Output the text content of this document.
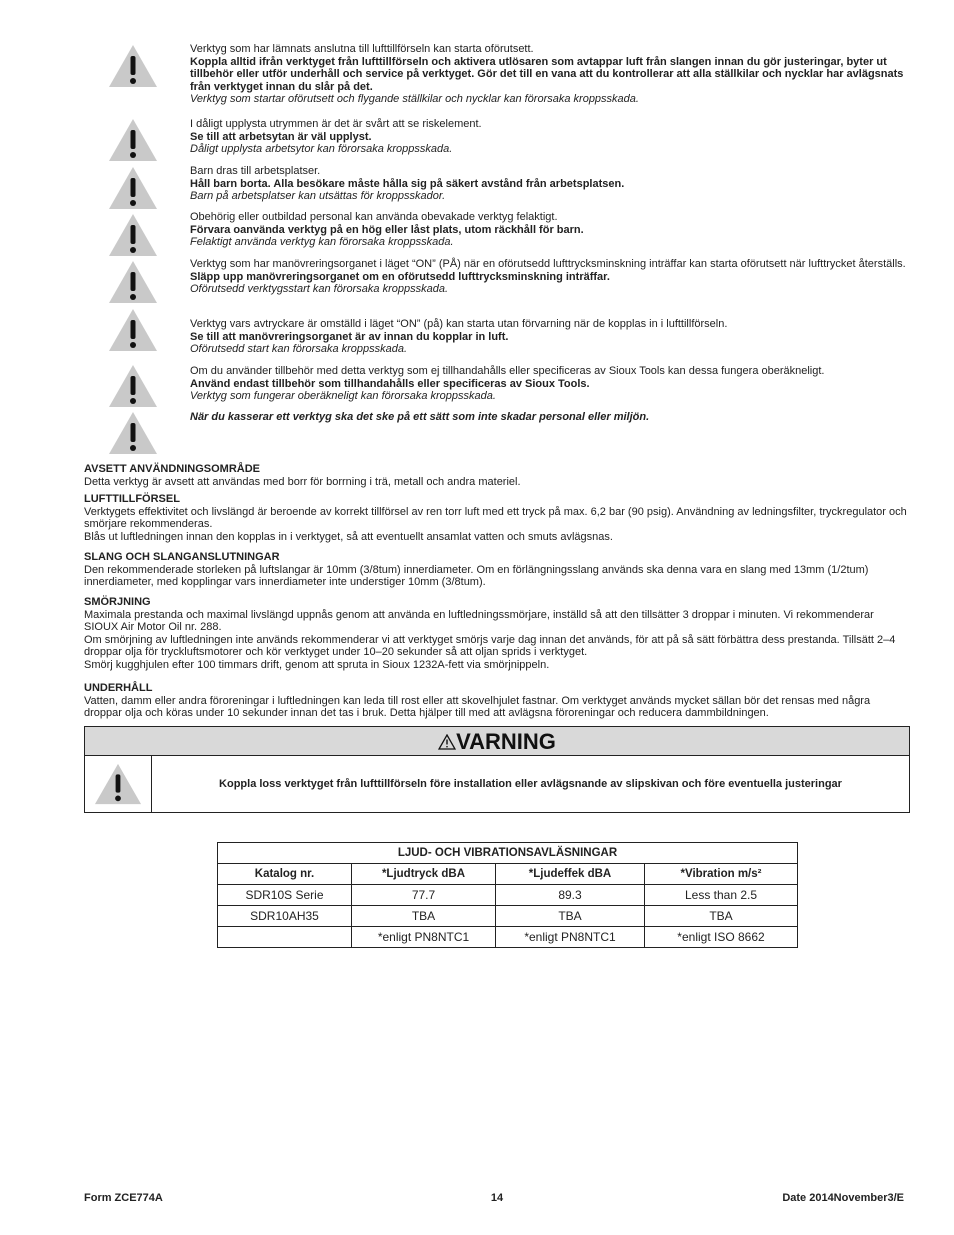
Verktyg som har lämnats anslutna till lufttillförseln kan starta oförutsett.
Koppla alltid ifrån verktyget från lufttillförseln och aktivera utlösaren som avtappar luft från slangen innan du gör justeringar, byter ut tillbehör eller utför underhåll och service på verktyget. Gör det till en vana att du kontrollerar att alla ställkilar och nycklar har avlägsnats från verktyget innan du slår på det.
Verktyg som startar oförutsett och flygande ställkilar och nycklar kan förorsaka kroppsskada.
I dåligt upplysta utrymmen är det är svårt att se riskelement.
Se till att arbetsytan är väl upplyst.
Dåligt upplysta arbetsytor kan förorsaka kroppsskada.
Barn dras till arbetsplatser.
Håll barn borta. Alla besökare måste hålla sig på säkert avstånd från arbetsplatsen.
Barn på arbetsplatser kan utsättas för kroppsskador.
Obehörig eller outbildad personal kan använda obevakade verktyg felaktigt.
Förvara oanvända verktyg på en hög eller låst plats, utom räckhåll för barn.
Felaktigt använda verktyg kan förorsaka kroppsskada.
Verktyg som har manövreringsorganet i läget “ON” (PÅ) när en oförutsedd lufttrycksminskning inträffar kan starta oförutsett när lufttrycket återställs.
Släpp upp manövreringsorganet om en oförutsedd lufttrycksminskning inträffar.
Oförutsedd verktygsstart kan förorsaka kroppsskada.
Verktyg vars avtryckare är omställd i läget “ON” (på) kan starta utan förvarning när de kopplas in i lufttillförseln.
Se till att manövreringsorganet är av innan du kopplar in luft.
Oförutsedd start kan förorsaka kroppsskada.
Om du använder tillbehör med detta verktyg som ej tillhandahålls eller specificeras av Sioux Tools kan dessa fungera oberäkneligt.
Använd endast tillbehör som tillhandahålls eller specificeras av Sioux Tools.
Verktyg som fungerar oberäkneligt kan förorsaka kroppsskada.
När du kasserar ett verktyg ska det ske på ett sätt som inte skadar personal eller miljön.
AVSETT ANVÄNDNINGSOMRÅDE

Detta verktyg är avsett att användas med borr för borrning i trä, metall och andra materiel.

LUFTTILLFÖRSEL

Verktygets effektivitet och livslängd är beroende av korrekt tillförsel av ren torr luft med ett tryck på max. 6,2 bar (90 psig). Användning av ledningsfilter, tryckregulator och smörjare rekommenderas.

Blås ut luftledningen innan den kopplas in i verktyget, så att eventuellt ansamlat vatten och smuts avlägsnas.

SLANG OCH SLANGANSLUTNINGAR

Den rekommenderade storleken på luftslangar är 10mm (3/8tum) innerdiameter. Om en förlängningsslang används ska denna vara en slang med 13mm (1/2tum) innerdiameter, med kopplingar vars innerdiameter inte understiger 10mm (3/8tum).

SMÖRJNING

Maximala prestanda och maximal livslängd uppnås genom att använda en luftledningssmörjare, inställd så att den tillsätter 3 droppar i minuten. Vi rekommenderar SIOUX Air Motor Oil nr. 288.

Om smörjning av luftledningen inte används rekommenderar vi att verktyget smörjs varje dag innan det används, för att på så sätt förbättra dess prestanda. Tillsätt 2–4 droppar olja för tryckluftsmotorer och kör verktyget under 10–20 sekunder så att oljan sprids i verktyget.

Smörj kugghjulen efter 100 timmars drift, genom att spruta in Sioux 1232A-fett via smörjnippeln.

UNDERHÅLL

Vatten, damm eller andra föroreningar i luftledningen kan leda till rost eller att skovelhjulet fastnar. Om verktyget används mycket sällan bör det rensas med några droppar olja och köras under 10 sekunder innan det tas i bruk. Detta hjälper till med att avlägsna föroreningar och reducera dammbildningen.

VARNING
Koppla loss verktyget från lufttillförseln före installation eller avlägsnande av slipskivan och före eventuella justeringar
LJUD- OCH VIBRATIONSAVLÄSNINGAR			
Katalog nr.	*Ljudtryck dBA	*Ljudeffek dBA	*Vibration m/s²
SDR10S Serie	77.7	89.3	Less than 2.5
SDR10AH35	TBA	TBA	TBA
	*enligt PN8NTC1	*enligt PN8NTC1	*enligt ISO 8662
Form ZCE774A	14	Date 2014November3/E
